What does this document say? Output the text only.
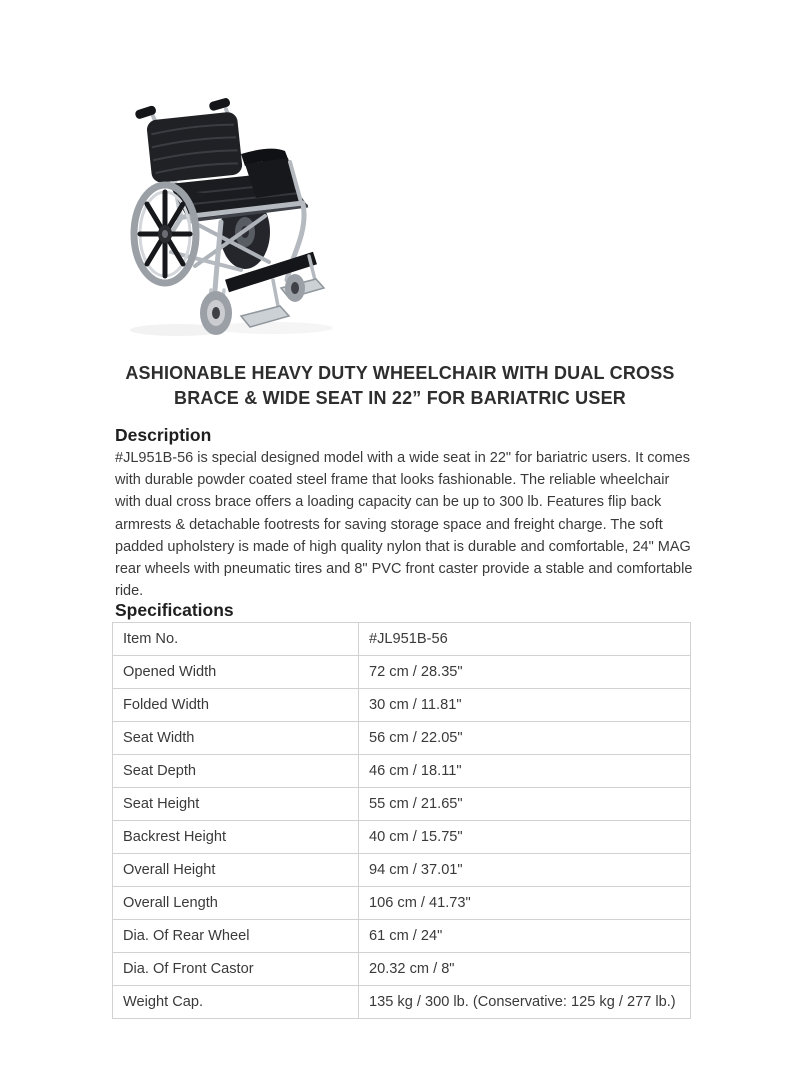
ASHIONABLE HEAVY DUTY WHEELCHAIR WITH DUAL CROSS
BRACE & WIDE SEAT IN 22” FOR BARIATRIC USER
Description
#JL951B-56 is special designed model with a wide seat in 22" for bariatric users. It comes with durable powder coated steel frame that looks fashionable. The reliable wheelchair with dual cross brace offers a loading capacity can be up to 300 lb. Features flip back armrests & detachable footrests for saving storage space and freight charge. The soft padded upholstery is made of high quality nylon that is durable and comfortable, 24" MAG rear wheels with pneumatic tires and 8" PVC front caster provide a stable and comfortable ride.
Specifications
Item No.	#JL951B-56
Opened Width	72 cm / 28.35"
Folded Width	30 cm / 11.81"
Seat Width	56 cm / 22.05"
Seat Depth	46 cm / 18.11"
Seat Height	55 cm / 21.65"
Backrest Height	40 cm / 15.75"
Overall Height	94 cm / 37.01"
Overall Length	106 cm / 41.73"
Dia. Of Rear Wheel	61 cm / 24"
Dia. Of Front Castor	20.32 cm / 8"
Weight Cap.	135 kg / 300 lb. (Conservative: 125 kg / 277 lb.)
